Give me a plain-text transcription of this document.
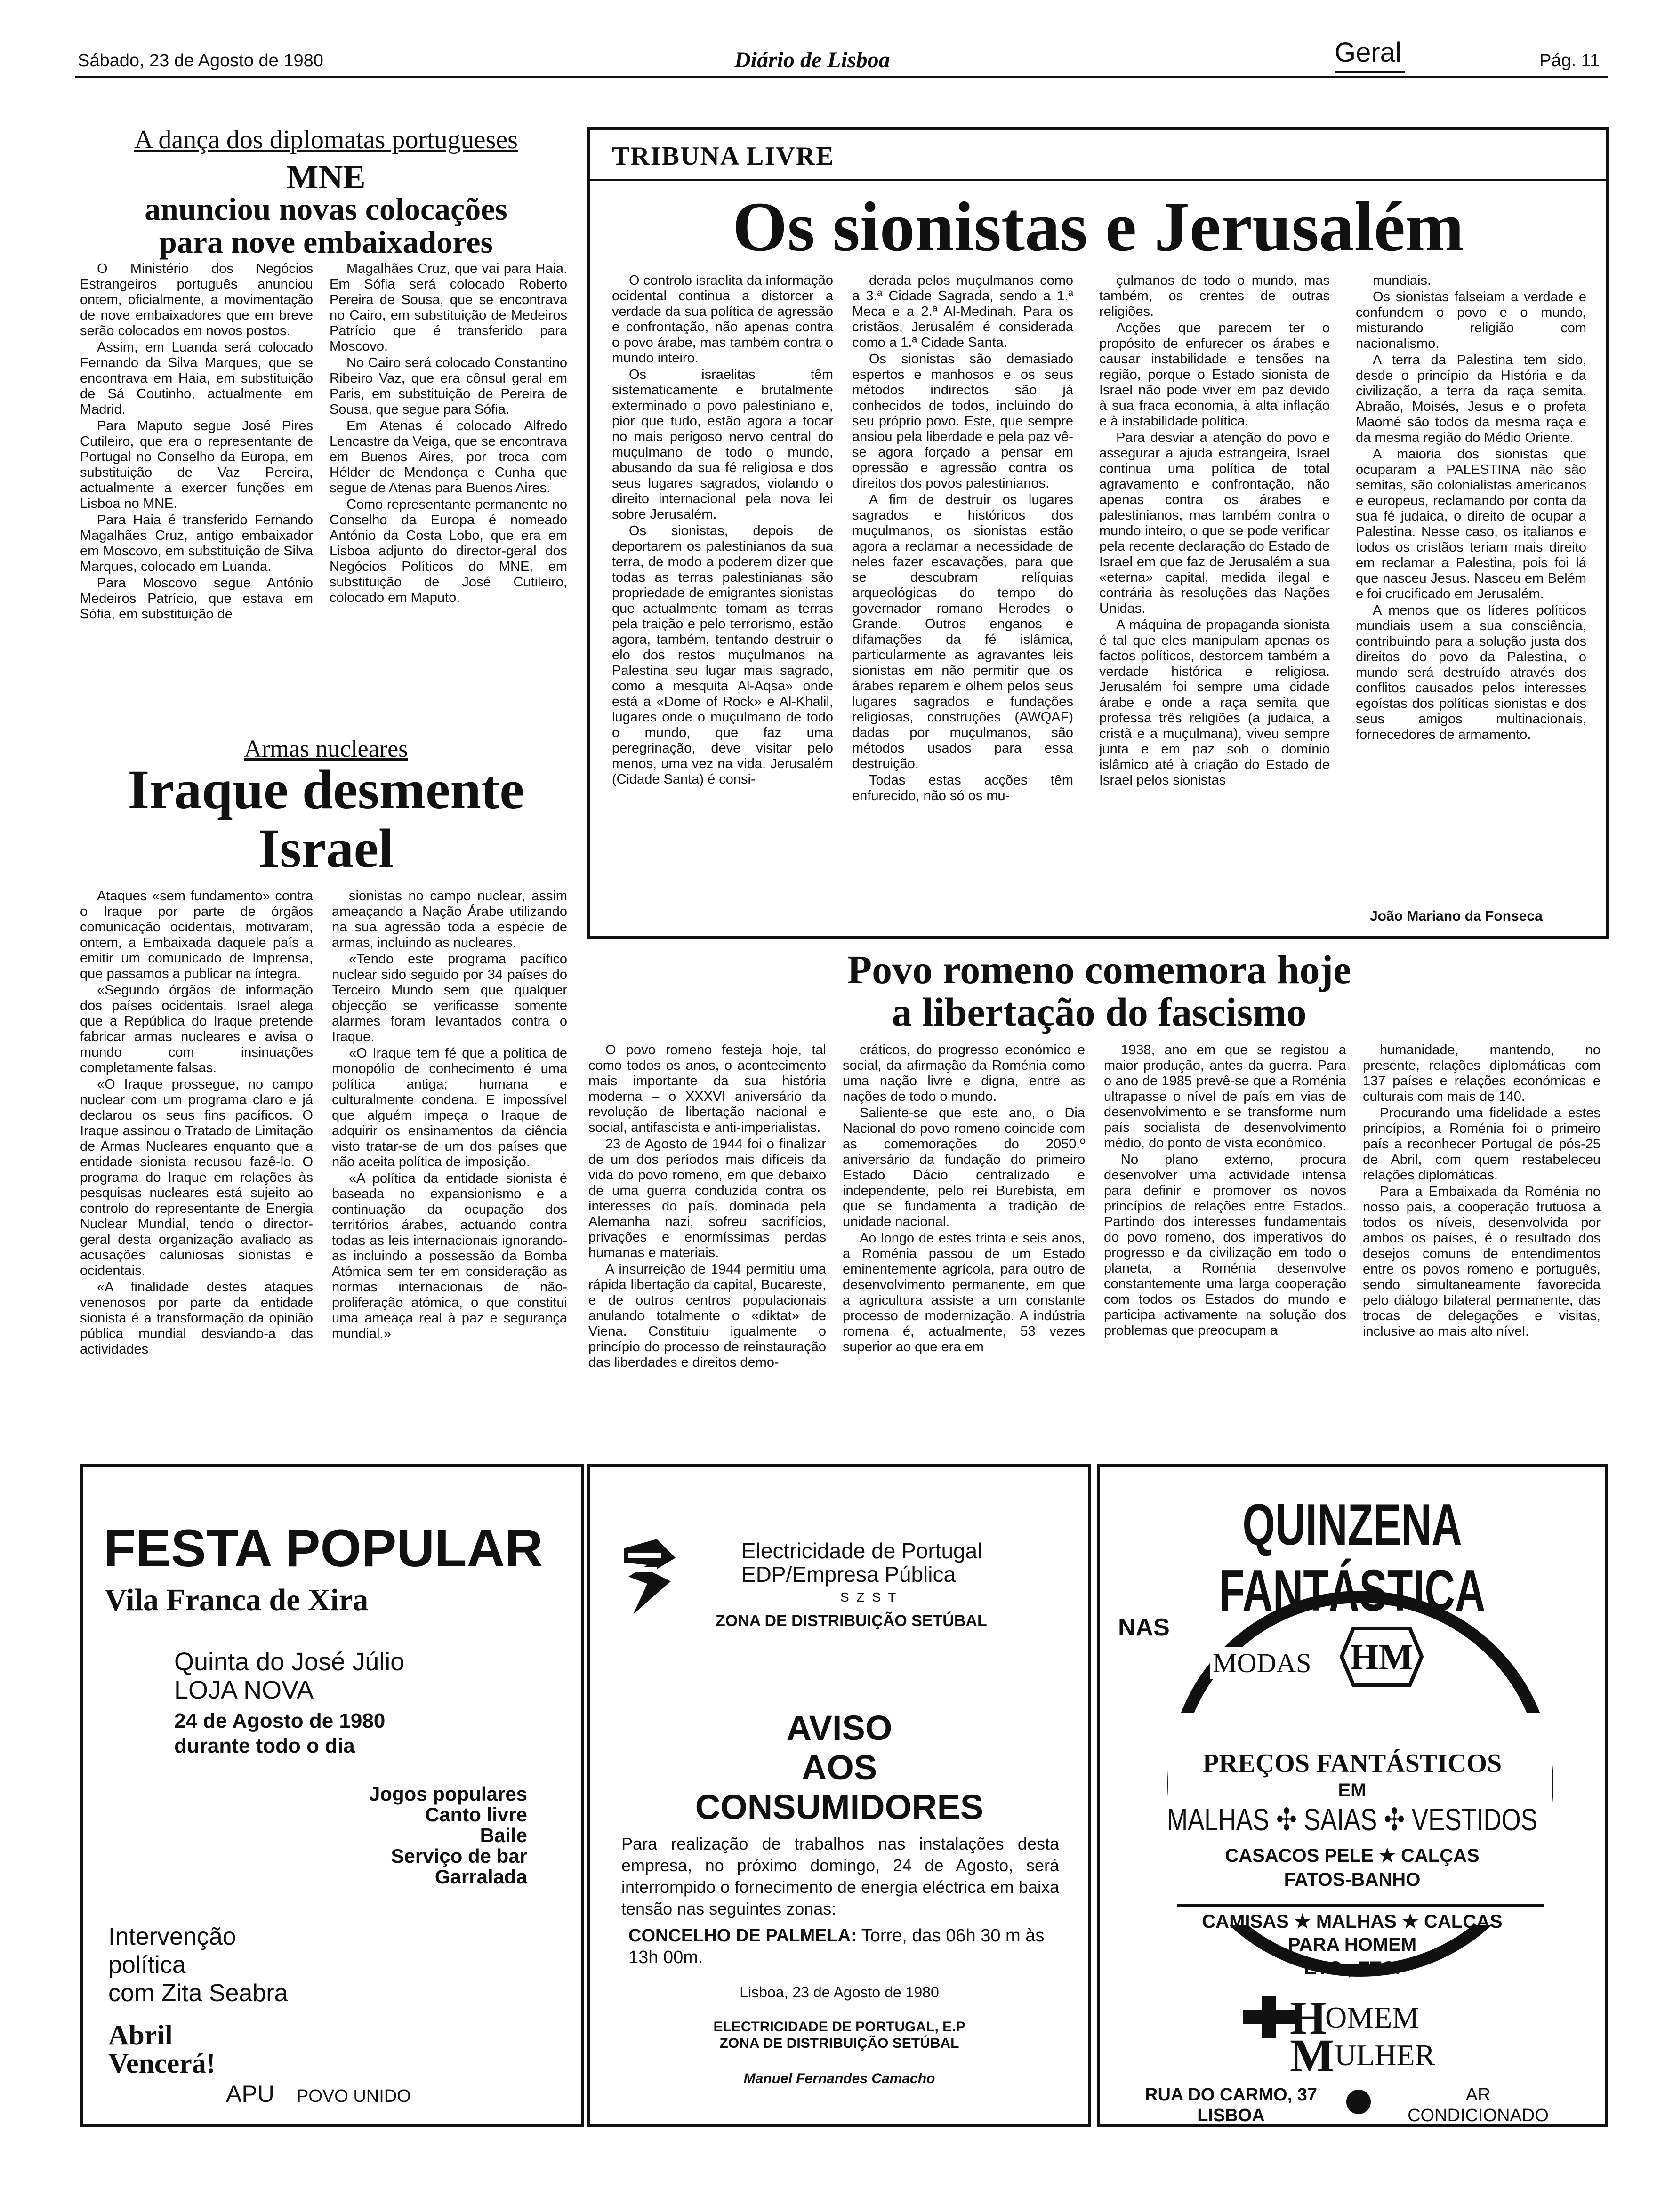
Sábado, 23 de Agosto de 1980	Diário de Lisboa	Geral	Pág. 11
A dança dos diplomatas portugueses
MNE
anunciou novas colocações
para nove embaixadores

O Ministério dos Negócios Estrangeiros português anunciou ontem, oficialmente, a movimentação de nove embaixadores que em breve serão colocados em novos postos.

Assim, em Luanda será colocado Fernando da Silva Marques, que se encontrava em Haia, em substituição de Sá Coutinho, actualmente em Madrid.

Para Maputo segue José Pires Cutileiro, que era o representante de Portugal no Conselho da Europa, em substituição de Vaz Pereira, actualmente a exercer funções em Lisboa no MNE.

Para Haia é transferido Fernando Magalhães Cruz, antigo embaixador em Moscovo, em substituição de Silva Marques, colocado em Luanda.

Para Moscovo segue António Medeiros Patrício, que estava em Sófia, em substituição de

Magalhães Cruz, que vai para Haia. Em Sófia será colocado Roberto Pereira de Sousa, que se encontrava no Cairo, em substituição de Medeiros Patrício que é transferido para Moscovo.

No Cairo será colocado Constantino Ribeiro Vaz, que era cônsul geral em Paris, em substituição de Pereira de Sousa, que segue para Sófia.

Em Atenas é colocado Alfredo Lencastre da Veiga, que se encontrava em Buenos Aires, por troca com Hélder de Mendonça e Cunha que segue de Atenas para Buenos Aires.

Como representante permanente no Conselho da Europa é nomeado António da Costa Lobo, que era em Lisboa adjunto do director-geral dos Negócios Políticos do MNE, em substituição de José Cutileiro, colocado em Maputo.

Armas nucleares
Iraque desmente
Israel

Ataques «sem fundamento» contra o Iraque por parte de órgãos comunicação ocidentais, motivaram, ontem, a Embaixada daquele país a emitir um comunicado de Imprensa, que passamos a publicar na íntegra.

«Segundo órgãos de informação dos países ocidentais, Israel alega que a República do Iraque pretende fabricar armas nucleares e avisa o mundo com insinuações completamente falsas.

«O Iraque prossegue, no campo nuclear com um programa claro e já declarou os seus fins pacíficos. O Iraque assinou o Tratado de Limitação de Armas Nucleares enquanto que a entidade sionista recusou fazê-lo. O programa do Iraque em relações às pesquisas nucleares está sujeito ao controlo do representante de Energia Nuclear Mundial, tendo o director-geral desta organização avaliado as acusações caluniosas sionistas e ocidentais.

«A finalidade destes ataques venenosos por parte da entidade sionista é a transformação da opinião pública mundial desviando-a das actividades

sionistas no campo nuclear, assim ameaçando a Nação Árabe utilizando na sua agressão toda a espécie de armas, incluindo as nucleares.

«Tendo este programa pacífico nuclear sido seguido por 34 países do Terceiro Mundo sem que qualquer objecção se verificasse somente alarmes foram levantados contra o Iraque.

«O Iraque tem fé que a política de monopólio de conhecimento é uma política antiga; humana e culturalmente condena. E impossível que alguém impeça o Iraque de adquirir os ensinamentos da ciência visto tratar-se de um dos países que não aceita política de imposição.

«A política da entidade sionista é baseada no expansionismo e a continuação da ocupação dos territórios árabes, actuando contra todas as leis internacionais ignorando-as incluindo a possessão da Bomba Atómica sem ter em consideração as normas internacionais de não-proliferação atómica, o que constitui uma ameaça real à paz e segurança mundial.»

TRIBUNA LIVRE
Os sionistas e Jerusalém

O controlo israelita da informação ocidental continua a distorcer a verdade da sua política de agressão e confrontação, não apenas contra o povo árabe, mas também contra o mundo inteiro.

Os israelitas têm sistematicamente e brutalmente exterminado o povo palestiniano e, pior que tudo, estão agora a tocar no mais perigoso nervo central do muçulmano de todo o mundo, abusando da sua fé religiosa e dos seus lugares sagrados, violando o direito internacional pela nova lei sobre Jerusalém.

Os sionistas, depois de deportarem os palestinianos da sua terra, de modo a poderem dizer que todas as terras palestinianas são propriedade de emigrantes sionistas que actualmente tomam as terras pela traição e pelo terrorismo, estão agora, também, tentando destruir o elo dos restos muçulmanos na Palestina seu lugar mais sagrado, como a mesquita Al-Aqsa» onde está a «Dome of Rock» e Al-Khalil, lugares onde o muçulmano de todo o mundo, que faz uma peregrinação, deve visitar pelo menos, uma vez na vida. Jerusalém (Cidade Santa) é consi-

derada pelos muçulmanos como a 3.ª Cidade Sagrada, sendo a 1.ª Meca e a 2.ª Al-Medinah. Para os cristãos, Jerusalém é considerada como a 1.ª Cidade Santa.

Os sionistas são demasiado espertos e manhosos e os seus métodos indirectos são já conhecidos de todos, incluindo do seu próprio povo. Este, que sempre ansiou pela liberdade e pela paz vê-se agora forçado a pensar em opressão e agressão contra os direitos dos povos palestinianos.

A fim de destruir os lugares sagrados e históricos dos muçulmanos, os sionistas estão agora a reclamar a necessidade de neles fazer escavações, para que se descubram relíquias arqueológicas do tempo do governador romano Herodes o Grande. Outros enganos e difamações da fé islâmica, particularmente as agravantes leis sionistas em não permitir que os árabes reparem e olhem pelos seus lugares sagrados e fundações religiosas, construções (AWQAF) dadas por muçulmanos, são métodos usados para essa destruição.

Todas estas acções têm enfurecido, não só os mu-

çulmanos de todo o mundo, mas também, os crentes de outras religiões.

Acções que parecem ter o propósito de enfurecer os árabes e causar instabilidade e tensões na região, porque o Estado sionista de Israel não pode viver em paz devido à sua fraca economia, à alta inflação e à instabilidade política.

Para desviar a atenção do povo e assegurar a ajuda estrangeira, Israel continua uma política de total agravamento e confrontação, não apenas contra os árabes e palestinianos, mas também contra o mundo inteiro, o que se pode verificar pela recente declaração do Estado de Israel em que faz de Jerusalém a sua «eterna» capital, medida ilegal e contrária às resoluções das Nações Unidas.

A máquina de propaganda sionista é tal que eles manipulam apenas os factos políticos, destorcem também a verdade histórica e religiosa. Jerusalém foi sempre uma cidade árabe e onde a raça semita que professa três religiões (a judaica, a cristã e a muçulmana), viveu sempre junta e em paz sob o domínio islâmico até à criação do Estado de Israel pelos sionistas

mundiais.

Os sionistas falseiam a verdade e confundem o povo e o mundo, misturando religião com nacionalismo.

A terra da Palestina tem sido, desde o princípio da História e da civilização, a terra da raça semita. Abraão, Moisés, Jesus e o profeta Maomé são todos da mesma raça e da mesma região do Médio Oriente.

A maioria dos sionistas que ocuparam a PALESTINA não são semitas, são colonialistas americanos e europeus, reclamando por conta da sua fé judaica, o direito de ocupar a Palestina. Nesse caso, os italianos e todos os cristãos teriam mais direito em reclamar a Palestina, pois foi lá que nasceu Jesus. Nasceu em Belém e foi crucificado em Jerusalém.

A menos que os líderes políticos mundiais usem a sua consciência, contribuindo para a solução justa dos direitos do povo da Palestina, o mundo será destruído através dos conflitos causados pelos interesses egoístas dos políticas sionistas e dos seus amigos multinacionais, fornecedores de armamento.

João Mariano da Fonseca
Povo romeno comemora hoje
a libertação do fascismo

O povo romeno festeja hoje, tal como todos os anos, o acontecimento mais importante da sua história moderna – o XXXVI aniversário da revolução de libertação nacional e social, antifascista e anti-imperialistas.

23 de Agosto de 1944 foi o finalizar de um dos períodos mais difíceis da vida do povo romeno, em que debaixo de uma guerra conduzida contra os interesses do país, dominada pela Alemanha nazi, sofreu sacrifícios, privações e enormíssimas perdas humanas e materiais.

A insurreição de 1944 permitiu uma rápida libertação da capital, Bucareste, e de outros centros populacionais anulando totalmente o «diktat» de Viena. Constituiu igualmente o princípio do processo de reinstauração das liberdades e direitos demo-

cráticos, do progresso económico e social, da afirmação da Roménia como uma nação livre e digna, entre as nações de todo o mundo.

Saliente-se que este ano, o Dia Nacional do povo romeno coincide com as comemorações do 2050.º aniversário da fundação do primeiro Estado Dácio centralizado e independente, pelo rei Burebista, em que se fundamenta a tradição de unidade nacional.

Ao longo de estes trinta e seis anos, a Roménia passou de um Estado eminentemente agrícola, para outro de desenvolvimento permanente, em que a agricultura assiste a um constante processo de modernização. A indústria romena é, actualmente, 53 vezes superior ao que era em

1938, ano em que se registou a maior produção, antes da guerra. Para o ano de 1985 prevê-se que a Roménia ultrapasse o nível de país em vias de desenvolvimento e se transforme num país socialista de desenvolvimento médio, do ponto de vista económico.

No plano externo, procura desenvolver uma actividade intensa para definir e promover os novos princípios de relações entre Estados. Partindo dos interesses fundamentais do povo romeno, dos imperativos do progresso e da civilização em todo o planeta, a Roménia desenvolve constantemente uma larga cooperação com todos os Estados do mundo e participa activamente na solução dos problemas que preocupam a

humanidade, mantendo, no presente, relações diplomáticas com 137 países e relações económicas e culturais com mais de 140.

Procurando uma fidelidade a estes princípios, a Roménia foi o primeiro país a reconhecer Portugal de pós-25 de Abril, com quem restabeleceu relações diplomáticas.

Para a Embaixada da Roménia no nosso país, a cooperação frutuosa a todos os níveis, desenvolvida por ambos os países, é o resultado dos desejos comuns de entendimentos entre os povos romeno e português, sendo simultaneamente favorecida pelo diálogo bilateral permanente, das trocas de delegações e visitas, inclusive ao mais alto nível.

FESTA POPULAR
Vila Franca de Xira
Quinta do José Júlio
LOJA NOVA
24 de Agosto de 1980
durante todo o dia
Jogos populares
Canto livre
Baile
Serviço de bar
Garralada
Intervenção
política
com Zita Seabra
Abril
Vencerá!
APU POVO UNIDO
Electricidade de Portugal
EDP/Empresa Pública
S Z S T
ZONA DE DISTRIBUIÇÃO SETÚBAL
AVISO
AOS
CONSUMIDORES
Para realização de trabalhos nas instalações desta empresa, no próximo domingo, 24 de Agosto, será interrompido o fornecimento de energia eléctrica em baixa tensão nas seguintes zonas:
CONCELHO DE PALMELA: Torre, das 06h 30 m às 13h 00m.
Lisboa, 23 de Agosto de 1980
ELECTRICIDADE DE PORTUGAL, E.P
ZONA DE DISTRIBUIÇÃO SETÚBAL
Manuel Fernandes Camacho
QUINZENA FANTÁSTICA
NAS
MODAS HM
PREÇOS FANTÁSTICOS
EM
MALHAS ✣ SAIAS ✣ VESTIDOS
CASACOS PELE ★ CALÇAS
FATOS-BANHO
CAMISAS ★ MALHAS ★ CALÇAS
PARA HOMEM
ETC., ETC.
H
OMEM
M ULHER
RUA DO CARMO, 37
LISBOA
AR
CONDICIONADO
